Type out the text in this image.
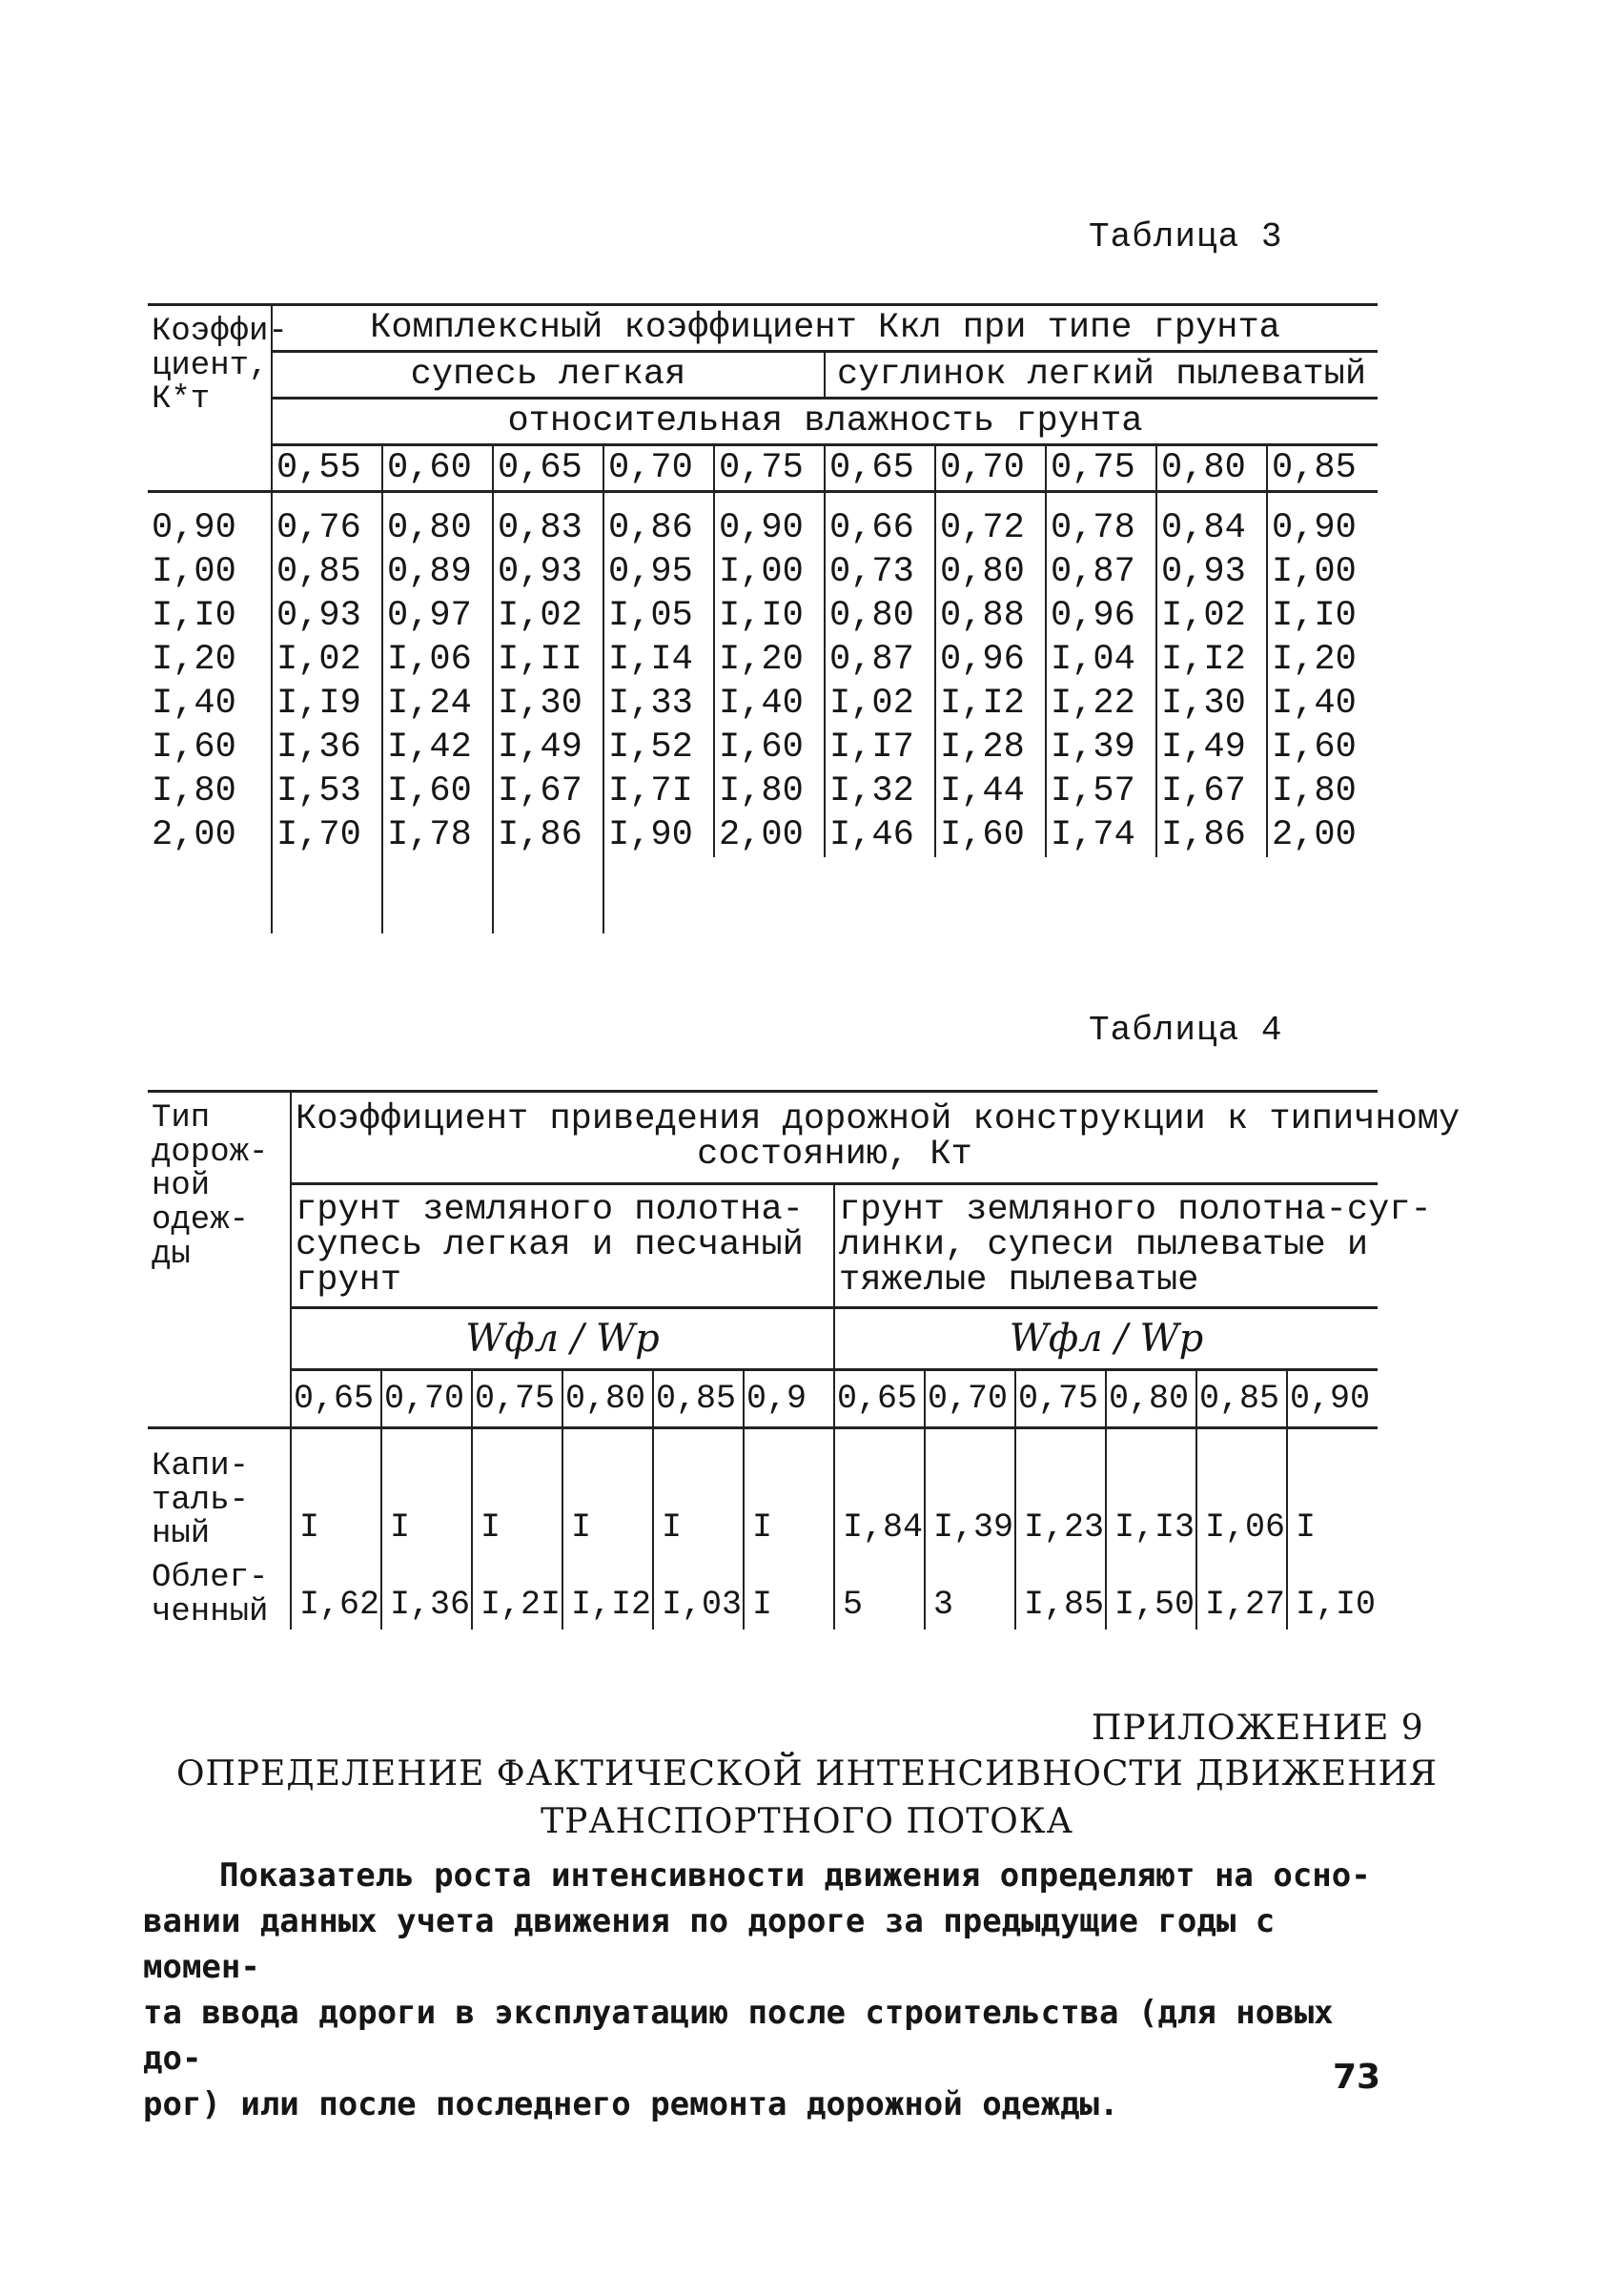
Таблица 3
Коэффи-
циент,
К*т	Комплексный коэффициент Ккл при типе грунта									
	супесь легкая					суглинок легкий пылеватый				
	относительная влажность грунта									
	0,55	0,60	0,65	0,70	0,75	0,65	0,70	0,75	0,80	0,85

0,90	0,76	0,80	0,83	0,86	0,90	0,66	0,72	0,78	0,84	0,90
I,00	0,85	0,89	0,93	0,95	I,00	0,73	0,80	0,87	0,93	I,00
I,I0	0,93	0,97	I,02	I,05	I,I0	0,80	0,88	0,96	I,02	I,I0
I,20	I,02	I,06	I,II	I,I4	I,20	0,87	0,96	I,04	I,I2	I,20
I,40	I,I9	I,24	I,30	I,33	I,40	I,02	I,I2	I,22	I,30	I,40
I,60	I,36	I,42	I,49	I,52	I,60	I,I7	I,28	I,39	I,49	I,60
I,80	I,53	I,60	I,67	I,7I	I,80	I,32	I,44	I,57	I,67	I,80
2,00	I,70	I,78	I,86	I,90	2,00	I,46	I,60	I,74	I,86	2,00

Таблица 4
Тип
дорож-
ной
одеж-
ды	Коэффициент приведения дорожной конструкции к типичному
состоянию, Кт											
	грунт земляного полотна-
супесь легкая и песчаный
грунт						грунт земляного полотна-суг-
линки, супеси пылеватые и
тяжелые пылеватые					
	Wфл / Wр						Wфл / Wр					
	0,65	0,70	0,75	0,80	0,85	0,9	0,65	0,70	0,75	0,80	0,85	0,90
Капи-
таль-
ный	I	I	I	I	I	I	I,84	I,39	I,23	I,I3	I,06	I
Облег-
ченный	I,62	I,36	I,2I	I,I2	I,03	I	5	3	I,85	I,50	I,27	I,I0
ПРИЛОЖЕНИЕ 9
ОПРЕДЕЛЕНИЕ ФАКТИЧЕСКОЙ ИНТЕНСИВНОСТИ ДВИЖЕНИЯ
ТРАНСПОРТНОГО ПОТОКА
Показатель роста интенсивности движения определяют на осно-
вании данных учета движения по дороге за предыдущие годы с момен-
та ввода дороги в эксплуатацию после строительства (для новых до-
рог) или после последнего ремонта дорожной одежды.
73
